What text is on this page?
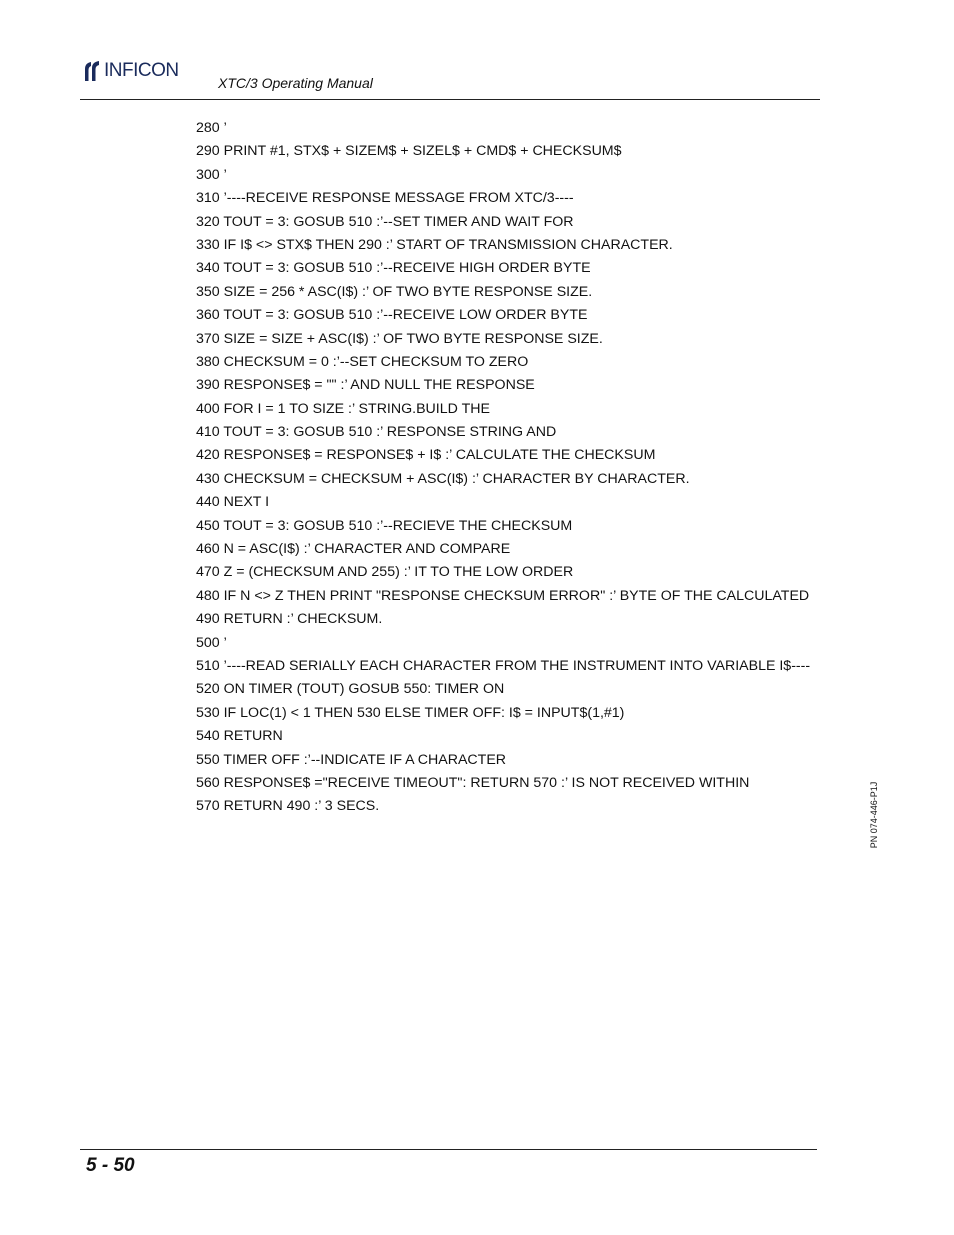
INFICON
XTC/3 Operating Manual
280 ’
290 PRINT #1, STX$ + SIZEM$ + SIZEL$ + CMD$ + CHECKSUM$
300 ’
310 ’----RECEIVE RESPONSE MESSAGE FROM XTC/3----
320 TOUT = 3: GOSUB 510 :’--SET TIMER AND WAIT FOR
330 IF I$ <> STX$ THEN 290 :’ START OF TRANSMISSION CHARACTER.
340 TOUT = 3: GOSUB 510 :’--RECEIVE HIGH ORDER BYTE
350 SIZE = 256 * ASC(I$) :’ OF TWO BYTE RESPONSE SIZE.
360 TOUT = 3: GOSUB 510 :’--RECEIVE LOW ORDER BYTE
370 SIZE = SIZE + ASC(I$) :’ OF TWO BYTE RESPONSE SIZE.
380 CHECKSUM = 0 :’--SET CHECKSUM TO ZERO
390 RESPONSE$ = "" :’ AND NULL THE RESPONSE
400 FOR I = 1 TO SIZE :’ STRING.BUILD THE
410 TOUT = 3: GOSUB 510 :’ RESPONSE STRING AND
420 RESPONSE$ = RESPONSE$ + I$ :’ CALCULATE THE CHECKSUM
430 CHECKSUM = CHECKSUM + ASC(I$) :’ CHARACTER BY CHARACTER.
440 NEXT I
450 TOUT = 3: GOSUB 510 :’--RECIEVE THE CHECKSUM
460 N = ASC(I$) :’ CHARACTER AND COMPARE
470 Z = (CHECKSUM AND 255) :’ IT TO THE LOW ORDER
480 IF N <> Z THEN PRINT "RESPONSE CHECKSUM ERROR" :’ BYTE OF THE CALCULATED
490 RETURN :’ CHECKSUM.
500 ’
510 ’----READ SERIALLY EACH CHARACTER FROM THE INSTRUMENT INTO VARIABLE I$----
520 ON TIMER (TOUT) GOSUB 550: TIMER ON
530 IF LOC(1) < 1 THEN 530 ELSE TIMER OFF: I$ = INPUT$(1,#1)
540 RETURN
550 TIMER OFF :’--INDICATE IF A CHARACTER
560 RESPONSE$ ="RECEIVE TIMEOUT": RETURN 570 :’ IS NOT RECEIVED WITHIN
570 RETURN 490 :’ 3 SECS.	PN 074-446-P1J
5 - 50
